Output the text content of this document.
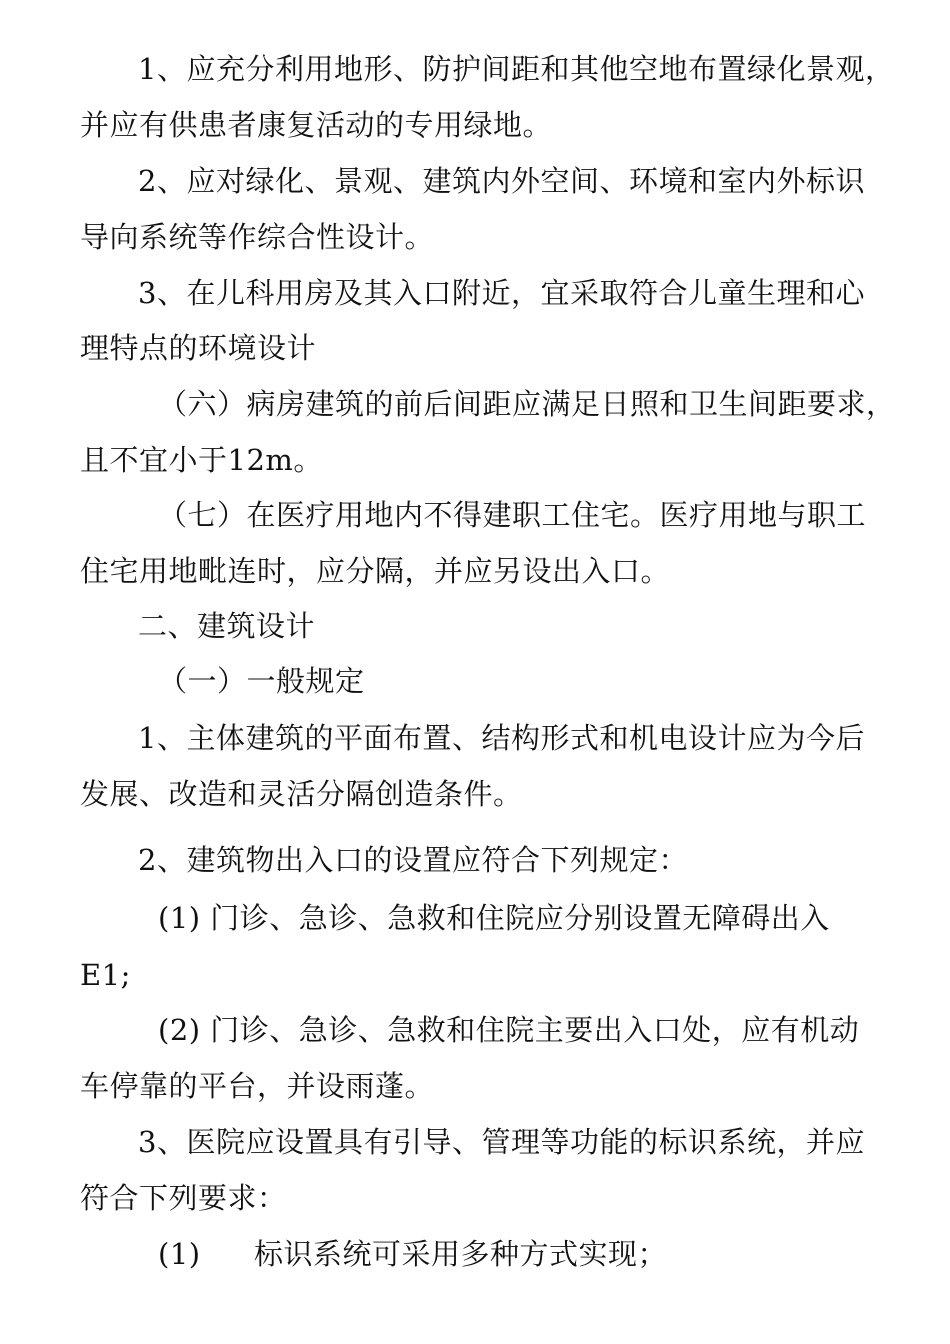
1、应充分利用地形、防护间距和其他空地布置绿化景观，
并应有供患者康复活动的专用绿地。
2、应对绿化、景观、建筑内外空间、环境和室内外标识
导向系统等作综合性设计。
3、在儿科用房及其入口附近，宜采取符合儿童生理和心
理特点的环境设计
（六）病房建筑的前后间距应满足日照和卫生间距要求，
且不宜小于12m。
（七）在医疗用地内不得建职工住宅。医疗用地与职工
住宅用地毗连时，应分隔，并应另设出入口。
二、建筑设计
（一）一般规定
1、主体建筑的平面布置、结构形式和机电设计应为今后
发展、改造和灵活分隔创造条件。
2、建筑物出入口的设置应符合下列规定：
(1) 门诊、急诊、急救和住院应分别设置无障碍出入
E1;
(2) 门诊、急诊、急救和住院主要出入口处，应有机动
车停靠的平台，并设雨蓬。
3、医院应设置具有引导、管理等功能的标识系统，并应
符合下列要求：
(1) 标识系统可采用多种方式实现；
